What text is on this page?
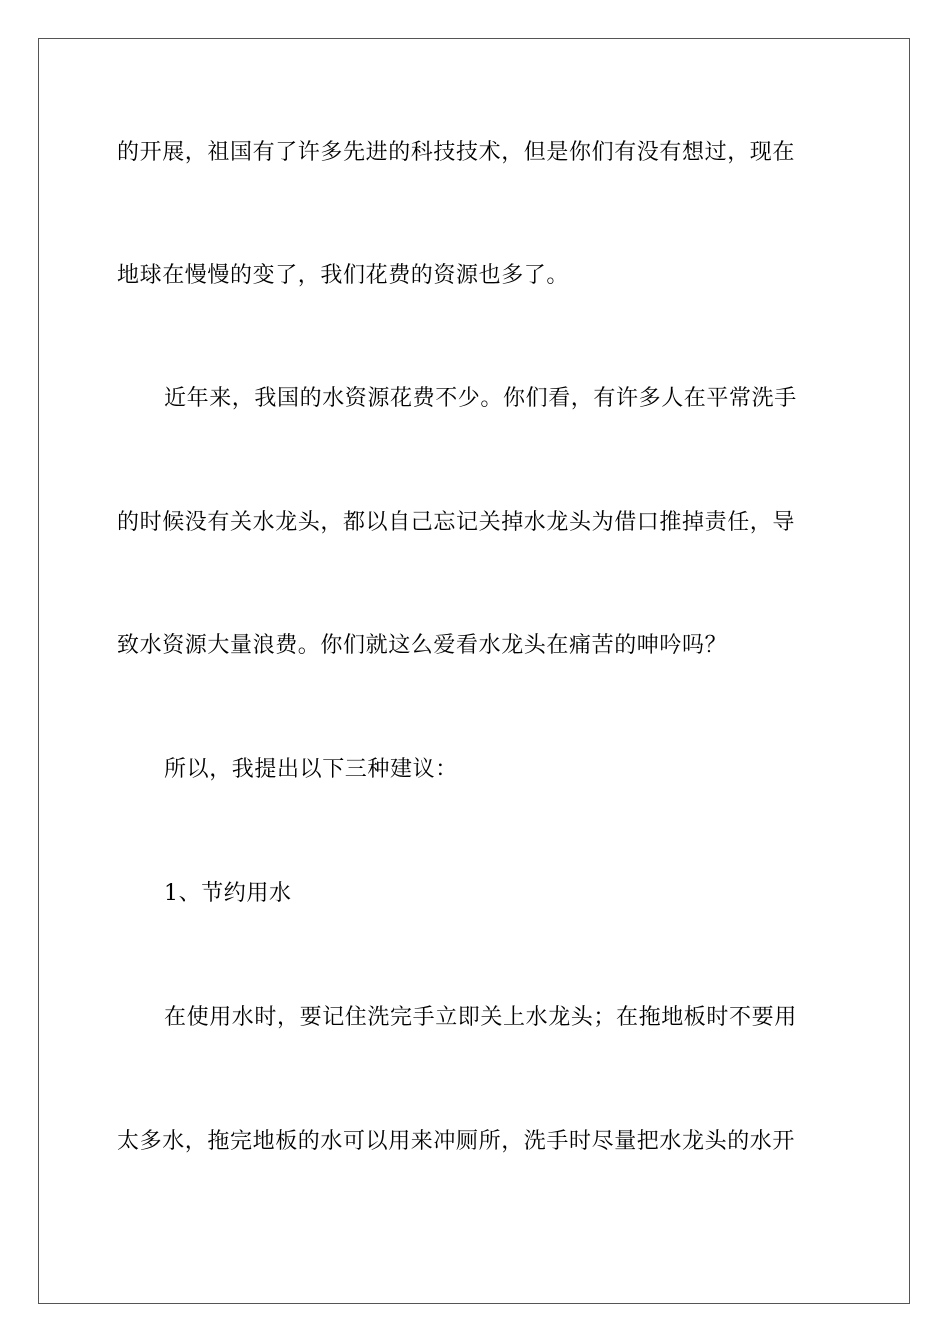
的开展，祖国有了许多先进的科技技术，但是你们有没有想过，现在
地球在慢慢的变了，我们花费的资源也多了。
近年来，我国的水资源花费不少。你们看，有许多人在平常洗手
的时候没有关水龙头，都以自己忘记关掉水龙头为借口推掉责任，导
致水资源大量浪费。你们就这么爱看水龙头在痛苦的呻吟吗？
所以，我提出以下三种建议：
1、节约用水
在使用水时，要记住洗完手立即关上水龙头；在拖地板时不要用
太多水，拖完地板的水可以用来冲厕所，洗手时尽量把水龙头的水开
